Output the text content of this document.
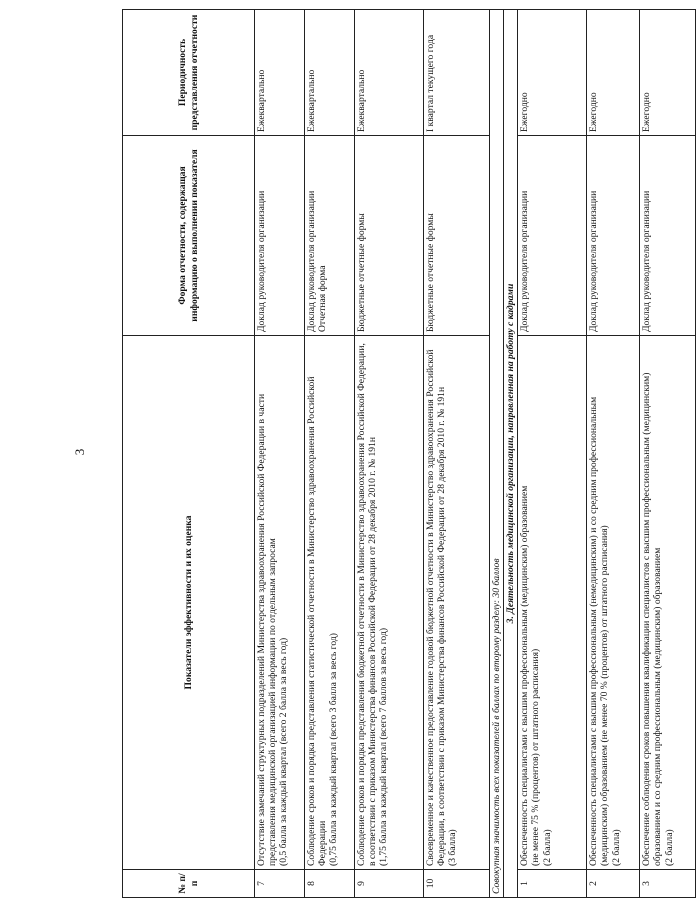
3
№ п/п	Показатели эффективности и их оценка	Форма отчетности, содержащая информацию о выполнении показателя	Периодичность представления отчетности
7	Отсутствие замечаний структурных подразделений Министерства здравоохранения Российской Федерации в части представления медицинской организацией информации по отдельным запросам (0,5 балла за каждый квартал (всего 2 балла за весь год)	Доклад руководителя организации	Ежеквартально
8	Соблюдение сроков и порядка представления статистической отчетности в Министерство здравоохранения Российской Федерации (0,75 балла за каждый квартал (всего 3 балла за весь год)	Доклад руководителя организации Отчетная форма	Ежеквартально
9	Соблюдение сроков и порядка представления бюджетной отчетности в Министерство здравоохранения Российской Федерации, в соответствии с приказом Министерства финансов Российской Федерации от 28 декабря 2010 г. № 191н (1,75 балла за каждый квартал (всего 7 баллов за весь год)	Бюджетные отчетные формы	Ежеквартально
10	Своевременное и качественное предоставление годовой бюджетной отчетности в Министерство здравоохранения Российской Федерации, в соответствии с приказом Министерства финансов Российской Федерации от 28 декабря 2010 г. № 191н (3 балла)	Бюджетные отчетные формы	I квартал текущего года
Совокупная значимость всех показателей в баллах по второму разделу: 30 баллов			
3. Деятельность медицинской организации, направленная на работу с кадрами			
1	Обеспеченность специалистами с высшим профессиональным (медицинским) образованием (не менее 75 % (процентов) от штатного расписания) (2 балла)	Доклад руководителя организации	Ежегодно
2	Обеспеченность специалистами с высшим профессиональным (немедицинским) и со средним профессиональным (медицинским) образованием (не менее 70 % (процентов) от штатного расписания) (2 балла)	Доклад руководителя организации	Ежегодно
3	Обеспечение соблюдения сроков повышения квалификации специалистов с высшим профессиональным (медицинским) образованием и со средним профессиональным (медицинским) образованием (2 балла)	Доклад руководителя организации	Ежегодно
